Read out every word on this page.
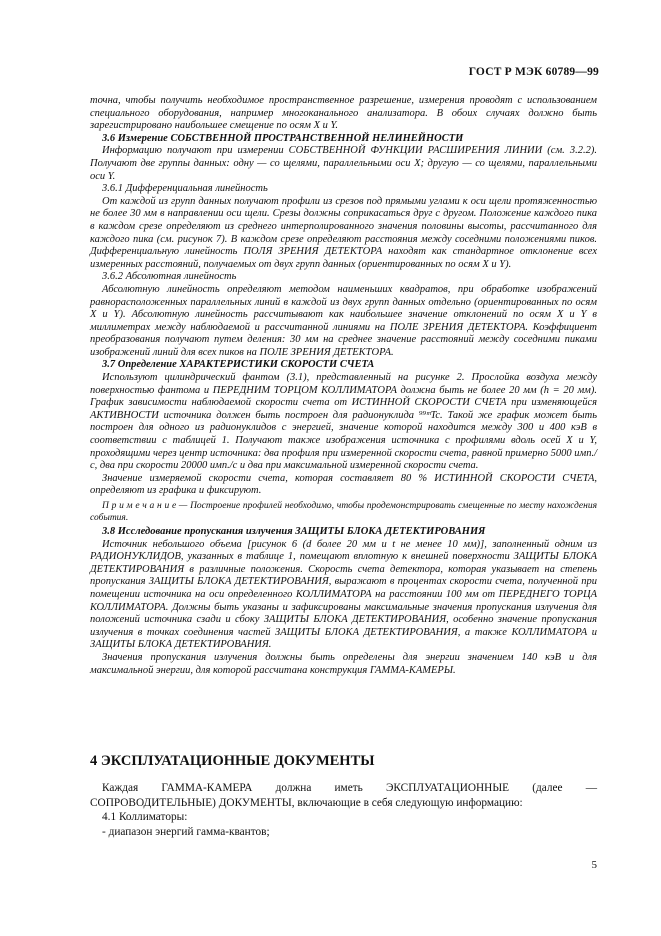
ГОСТ Р МЭК 60789—99

точна, чтобы получить необходимое пространственное разрешение, измерения проводят с использованием специального оборудования, например многоканального анализатора. В обоих случаях должно быть зарегистрировано наибольшее смещение по осям X и Y.

3.6 Измерение СОБСТВЕННОЙ ПРОСТРАНСТВЕННОЙ НЕЛИНЕЙНОСТИ

Информацию получают при измерении СОБСТВЕННОЙ ФУНКЦИИ РАСШИРЕНИЯ ЛИНИИ (см. 3.2.2). Получают две группы данных: одну — со щелями, параллельными оси X; другую — со щелями, параллельными оси Y.

3.6.1 Дифференциальная линейность

От каждой из групп данных получают профили из срезов под прямыми углами к оси щели протяженностью не более 30 мм в направлении оси щели. Срезы должны соприкасаться друг с другом. Положение каждого пика в каждом срезе определяют из среднего интерполированного значения половины высоты, рассчитанного для каждого пика (см. рисунок 7). В каждом срезе определяют расстояния между соседними положениями пиков. Дифференциальную линейность ПОЛЯ ЗРЕНИЯ ДЕТЕКТОРА находят как стандартное отклонение всех измеренных расстояний, получаемых от двух групп данных (ориентированных по осям X и Y).

3.6.2 Абсолютная линейность

Абсолютную линейность определяют методом наименьших квадратов, при обработке изображений равнорасположенных параллельных линий в каждой из двух групп данных отдельно (ориентированных по осям X и Y). Абсолютную линейность рассчитывают как наибольшее значение отклонений по осям X и Y в миллиметрах между наблюдаемой и рассчитанной линиями на ПОЛЕ ЗРЕНИЯ ДЕТЕКТОРА. Коэффициент преобразования получают путем деления: 30 мм на среднее значение расстояний между соседними пиками изображений линий для всех пиков на ПОЛЕ ЗРЕНИЯ ДЕТЕКТОРА.

3.7 Определение ХАРАКТЕРИСТИКИ СКОРОСТИ СЧЕТА

Используют цилиндрический фантом (3.1), представленный на рисунке 2. Прослойка воздуха между поверхностью фантома и ПЕРЕДНИМ ТОРЦОМ КОЛЛИМАТОРА должна быть не более 20 мм (h = 20 мм). График зависимости наблюдаемой скорости счета от ИСТИННОЙ СКОРОСТИ СЧЕТА при изменяющейся АКТИВНОСТИ источника должен быть построен для радионуклида ⁹⁹ᵐTc. Такой же график может быть построен для одного из радионуклидов с энергией, значение которой находится между 300 и 400 кэВ в соответствии с таблицей 1. Получают также изображения источника с профилями вдоль осей X и Y, проходящими через центр источника: два профиля при измеренной скорости счета, равной примерно 5000 имп./с, два при скорости 20000 имп./с и два при максимальной измеренной скорости счета.

Значение измеряемой скорости счета, которая составляет 80 % ИСТИННОЙ СКОРОСТИ СЧЕТА, определяют из графика и фиксируют.

П р и м е ч а н и е — Построение профилей необходимо, чтобы продемонстрировать смещенные по месту нахождения события.

3.8 Исследование пропускания излучения ЗАЩИТЫ БЛОКА ДЕТЕКТИРОВАНИЯ

Источник небольшого объема [рисунок 6 (d более 20 мм и t не менее 10 мм)], заполненный одним из РАДИОНУКЛИДОВ, указанных в таблице 1, помещают вплотную к внешней поверхности ЗАЩИТЫ БЛОКА ДЕТЕКТИРОВАНИЯ в различные положения. Скорость счета детектора, которая указывает на степень пропускания ЗАЩИТЫ БЛОКА ДЕТЕКТИРОВАНИЯ, выражают в процентах скорости счета, полученной при помещении источника на оси определенного КОЛЛИМАТОРА на расстоянии 100 мм от ПЕРЕДНЕГО ТОРЦА КОЛЛИМАТОРА. Должны быть указаны и зафиксированы максимальные значения пропускания излучения для положений источника сзади и сбоку ЗАЩИТЫ БЛОКА ДЕТЕКТИРОВАНИЯ, особенно значение пропускания излучения в точках соединения частей ЗАЩИТЫ БЛОКА ДЕТЕКТИРОВАНИЯ, а также КОЛЛИМАТОРА и ЗАЩИТЫ БЛОКА ДЕТЕКТИРОВАНИЯ.

Значения пропускания излучения должны быть определены для энергии значением 140 кэВ и для максимальной энергии, для которой рассчитана конструкция ГАММА-КАМЕРЫ.

4 ЭКСПЛУАТАЦИОННЫЕ ДОКУМЕНТЫ

Каждая ГАММА-КАМЕРА должна иметь ЭКСПЛУАТАЦИОННЫЕ (далее — СОПРОВОДИТЕЛЬНЫЕ) ДОКУМЕНТЫ, включающие в себя следующую информацию:

4.1 Коллиматоры:

- диапазон энергий гамма-квантов;

5
